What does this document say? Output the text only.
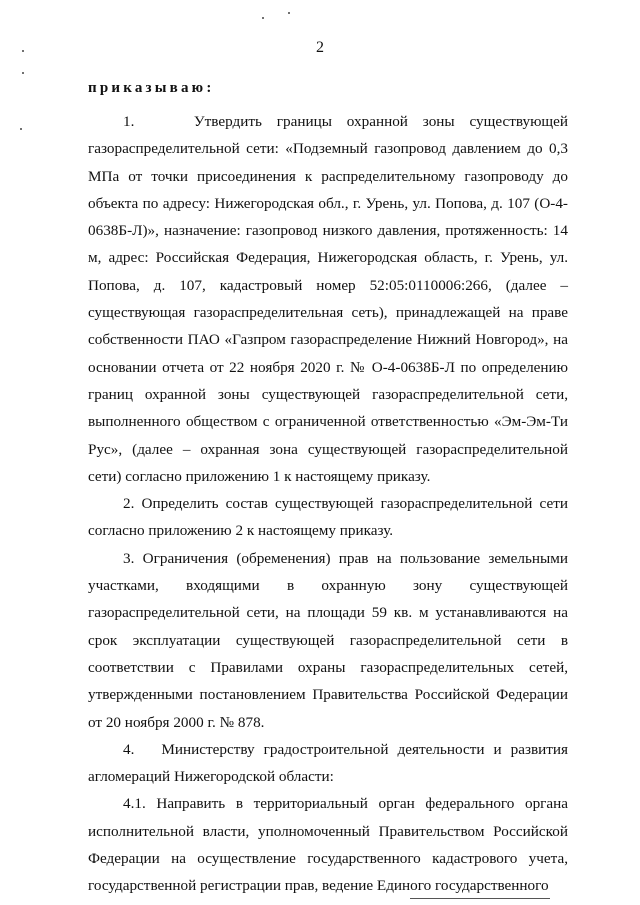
2
приказываю:

1.    Утвердить границы охранной зоны существующей газораспределительной сети: «Подземный газопровод давлением до 0,3 МПа от точки присоединения к распределительному газопроводу до объекта по адресу: Нижегородская обл., г. Урень, ул. Попова, д. 107 (О-4-0638Б-Л)», назначение: газопровод низкого давления, протяженность: 14 м, адрес: Российская Федерация, Нижегородская область, г. Урень, ул. Попова, д. 107, кадастровый номер 52:05:0110006:266, (далее – существующая газораспределительная сеть), принадлежащей на праве собственности ПАО «Газпром газораспределение Нижний Новгород», на основании отчета от 22 ноября 2020 г. № О-4-0638Б-Л по определению границ охранной зоны существующей газораспределительной сети, выполненного обществом с ограниченной ответственностью «Эм-Эм-Ти Рус», (далее – охранная зона существующей газораспределительной сети) согласно приложению 1 к настоящему приказу.

2. Определить состав существующей газораспределительной сети согласно приложению 2 к настоящему приказу.

3. Ограничения (обременения) прав на пользование земельными участками, входящими в охранную зону существующей газораспределительной сети, на площади 59 кв. м устанавливаются на срок эксплуатации существующей газораспределительной сети в соответствии с Правилами охраны газораспределительных сетей, утвержденными постановлением Правительства Российской Федерации от 20 ноября 2000 г. № 878.

4.   Министерству градостроительной деятельности и развития агломераций Нижегородской области:

4.1. Направить в территориальный орган федерального органа исполнительной власти, уполномоченный Правительством Российской Федерации на осуществление государственного кадастрового учета, государственной регистрации прав, ведение Единого государственного
